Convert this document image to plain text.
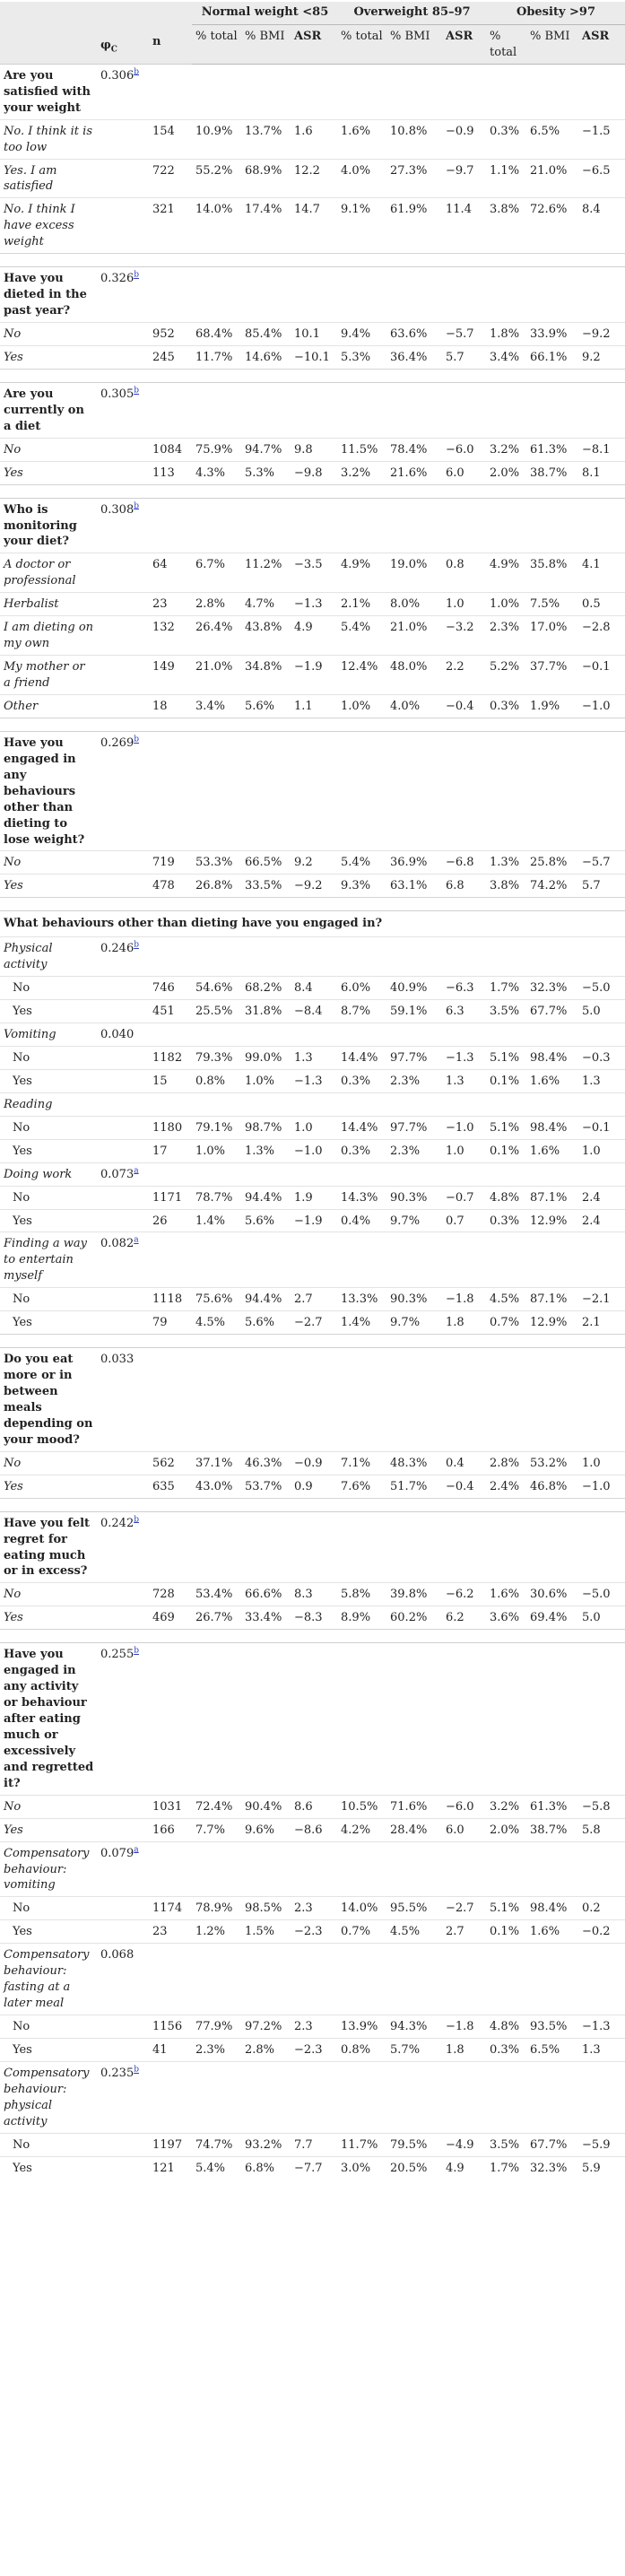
	$\varphi_C$	n	Normal weight <85			Overweight 85–97			Obesity >97		
			% total	% BMI	ASR	% total	% BMI	ASR	% total	% BMI	ASR
Are you satisfied with your weight	0.306$^b$										
No. I think it is too low		154	10.9%	13.7%	1.6	1.6%	10.8%	−0.9	0.3%	6.5%	−1.5
Yes. I am satisfied		722	55.2%	68.9%	12.2	4.0%	27.3%	−9.7	1.1%	21.0%	−6.5
No. I think I have excess weight		321	14.0%	17.4%	14.7	9.1%	61.9%	11.4	3.8%	72.6%	8.4

Have you dieted in the past year?	0.326$^b$										
No		952	68.4%	85.4%	10.1	9.4%	63.6%	−5.7	1.8%	33.9%	−9.2
Yes		245	11.7%	14.6%	−10.1	5.3%	36.4%	5.7	3.4%	66.1%	9.2

Are you currently on a diet	0.305$^b$										
No		1084	75.9%	94.7%	9.8	11.5%	78.4%	−6.0	3.2%	61.3%	−8.1
Yes		113	4.3%	5.3%	−9.8	3.2%	21.6%	6.0	2.0%	38.7%	8.1

Who is monitoring your diet?	0.308$^b$										
A doctor or professional		64	6.7%	11.2%	−3.5	4.9%	19.0%	0.8	4.9%	35.8%	4.1
Herbalist		23	2.8%	4.7%	−1.3	2.1%	8.0%	1.0	1.0%	7.5%	0.5
I am dieting on my own		132	26.4%	43.8%	4.9	5.4%	21.0%	−3.2	2.3%	17.0%	−2.8
My mother or a friend		149	21.0%	34.8%	−1.9	12.4%	48.0%	2.2	5.2%	37.7%	−0.1
Other		18	3.4%	5.6%	1.1	1.0%	4.0%	−0.4	0.3%	1.9%	−1.0

Have you engaged in any behaviours other than dieting to lose weight?	0.269$^b$										
No		719	53.3%	66.5%	9.2	5.4%	36.9%	−6.8	1.3%	25.8%	−5.7
Yes		478	26.8%	33.5%	−9.2	9.3%	63.1%	6.8	3.8%	74.2%	5.7

What behaviours other than dieting have you engaged in?											
Physical activity	0.246$^b$										
No		746	54.6%	68.2%	8.4	6.0%	40.9%	−6.3	1.7%	32.3%	−5.0
Yes		451	25.5%	31.8%	−8.4	8.7%	59.1%	6.3	3.5%	67.7%	5.0
Vomiting	0.040										
No		1182	79.3%	99.0%	1.3	14.4%	97.7%	−1.3	5.1%	98.4%	−0.3
Yes		15	0.8%	1.0%	−1.3	0.3%	2.3%	1.3	0.1%	1.6%	1.3
Reading											
No		1180	79.1%	98.7%	1.0	14.4%	97.7%	−1.0	5.1%	98.4%	−0.1
Yes		17	1.0%	1.3%	−1.0	0.3%	2.3%	1.0	0.1%	1.6%	1.0
Doing work	0.073$^a$										
No		1171	78.7%	94.4%	1.9	14.3%	90.3%	−0.7	4.8%	87.1%	2.4
Yes		26	1.4%	5.6%	−1.9	0.4%	9.7%	0.7	0.3%	12.9%	2.4
Finding a way to entertain myself	0.082$^a$										
No		1118	75.6%	94.4%	2.7	13.3%	90.3%	−1.8	4.5%	87.1%	−2.1
Yes		79	4.5%	5.6%	−2.7	1.4%	9.7%	1.8	0.7%	12.9%	2.1

Do you eat more or in between meals depending on your mood?	0.033										
No		562	37.1%	46.3%	−0.9	7.1%	48.3%	0.4	2.8%	53.2%	1.0
Yes		635	43.0%	53.7%	0.9	7.6%	51.7%	−0.4	2.4%	46.8%	−1.0

Have you felt regret for eating much or in excess?	0.242$^b$										
No		728	53.4%	66.6%	8.3	5.8%	39.8%	−6.2	1.6%	30.6%	−5.0
Yes		469	26.7%	33.4%	−8.3	8.9%	60.2%	6.2	3.6%	69.4%	5.0

Have you engaged in any activity or behaviour after eating much or excessively and regretted it?	0.255$^b$										
No		1031	72.4%	90.4%	8.6	10.5%	71.6%	−6.0	3.2%	61.3%	−5.8
Yes		166	7.7%	9.6%	−8.6	4.2%	28.4%	6.0	2.0%	38.7%	5.8
Compensatory behaviour: vomiting	0.079$^a$										
No		1174	78.9%	98.5%	2.3	14.0%	95.5%	−2.7	5.1%	98.4%	0.2
Yes		23	1.2%	1.5%	−2.3	0.7%	4.5%	2.7	0.1%	1.6%	−0.2
Compensatory behaviour: fasting at a later meal	0.068										
No		1156	77.9%	97.2%	2.3	13.9%	94.3%	−1.8	4.8%	93.5%	−1.3
Yes		41	2.3%	2.8%	−2.3	0.8%	5.7%	1.8	0.3%	6.5%	1.3
Compensatory behaviour: physical activity	0.235$^b$										
No		1197	74.7%	93.2%	7.7	11.7%	79.5%	−4.9	3.5%	67.7%	−5.9
Yes		121	5.4%	6.8%	−7.7	3.0%	20.5%	4.9	1.7%	32.3%	5.9
